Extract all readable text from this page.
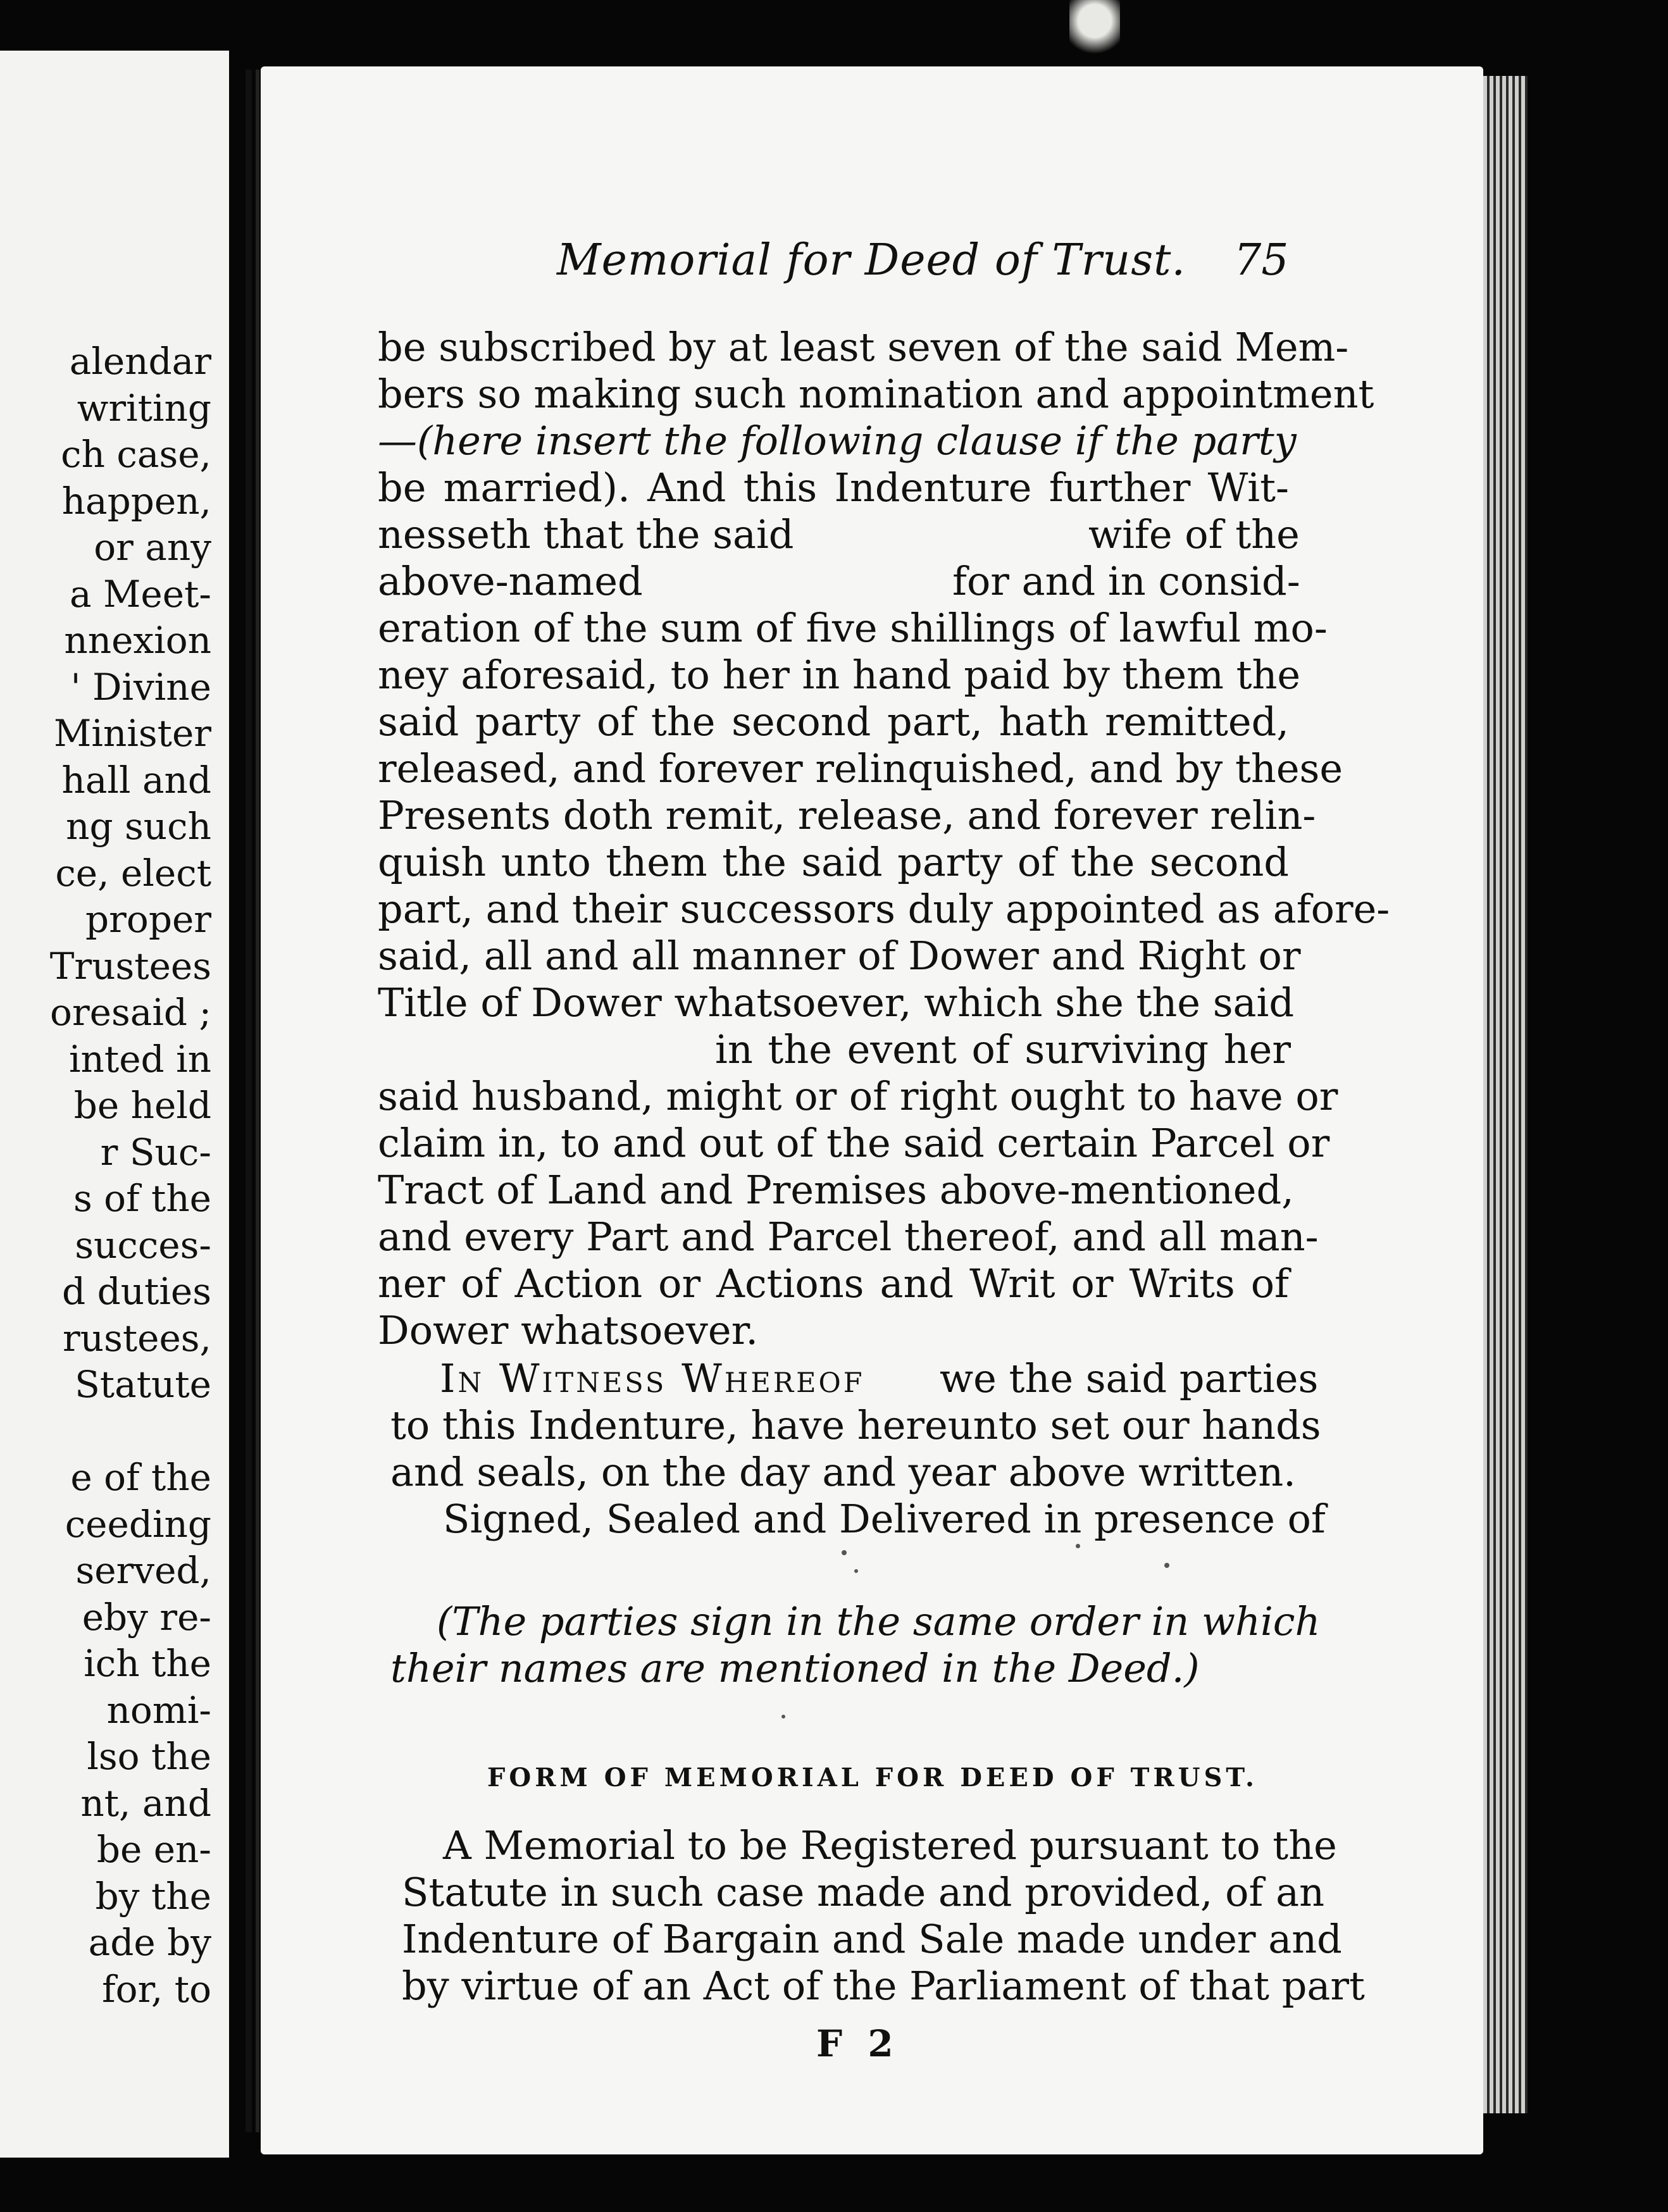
alendar
writing
ch case,
happen,
or any
a Meet-
nnexion
' Divine
Minister
hall and
ng such
ce, elect
proper
Trustees
oresaid ;
inted in
be held
r Suc-
s of the
succes-
d duties
rustees,
Statute
e of the
ceeding
served,
eby re-
ich the
nomi-
lso the
nt, and
be en-
by the
ade by
for, to
Memorial for Deed of Trust. 75
be subscribed by at least seven of the said Mem-
bers so making such nomination and appointment
—(here insert the following clause if the party
be married). And this Indenture further Wit-
nesseth that the said	wife of the
above-named	for and in consid-
eration of the sum of five shillings of lawful mo-
ney aforesaid, to her in hand paid by them the
said party of the second part, hath remitted,
released, and forever relinquished, and by these
Presents doth remit, release, and forever relin-
quish unto them the said party of the second
part, and their successors duly appointed as afore-
said, all and all manner of Dower and Right or
Title of Dower whatsoever, which she the said
in the event of surviving her
said husband, might or of right ought to have or
claim in, to and out of the said certain Parcel or
Tract of Land and Premises above-mentioned,
and every Part and Parcel thereof, and all man-
ner of Action or Actions and Writ or Writs of
Dower whatsoever.
In Witness Whereof	we the said parties
to this Indenture, have hereunto set our hands
and seals, on the day and year above written.
Signed, Sealed and Delivered in presence of
(The parties sign in the same order in which
their names are mentioned in the Deed.)
FORM OF MEMORIAL FOR DEED OF TRUST.
A Memorial to be Registered pursuant to the
Statute in such case made and provided, of an
Indenture of Bargain and Sale made under and
by virtue of an Act of the Parliament of that part
F 2
